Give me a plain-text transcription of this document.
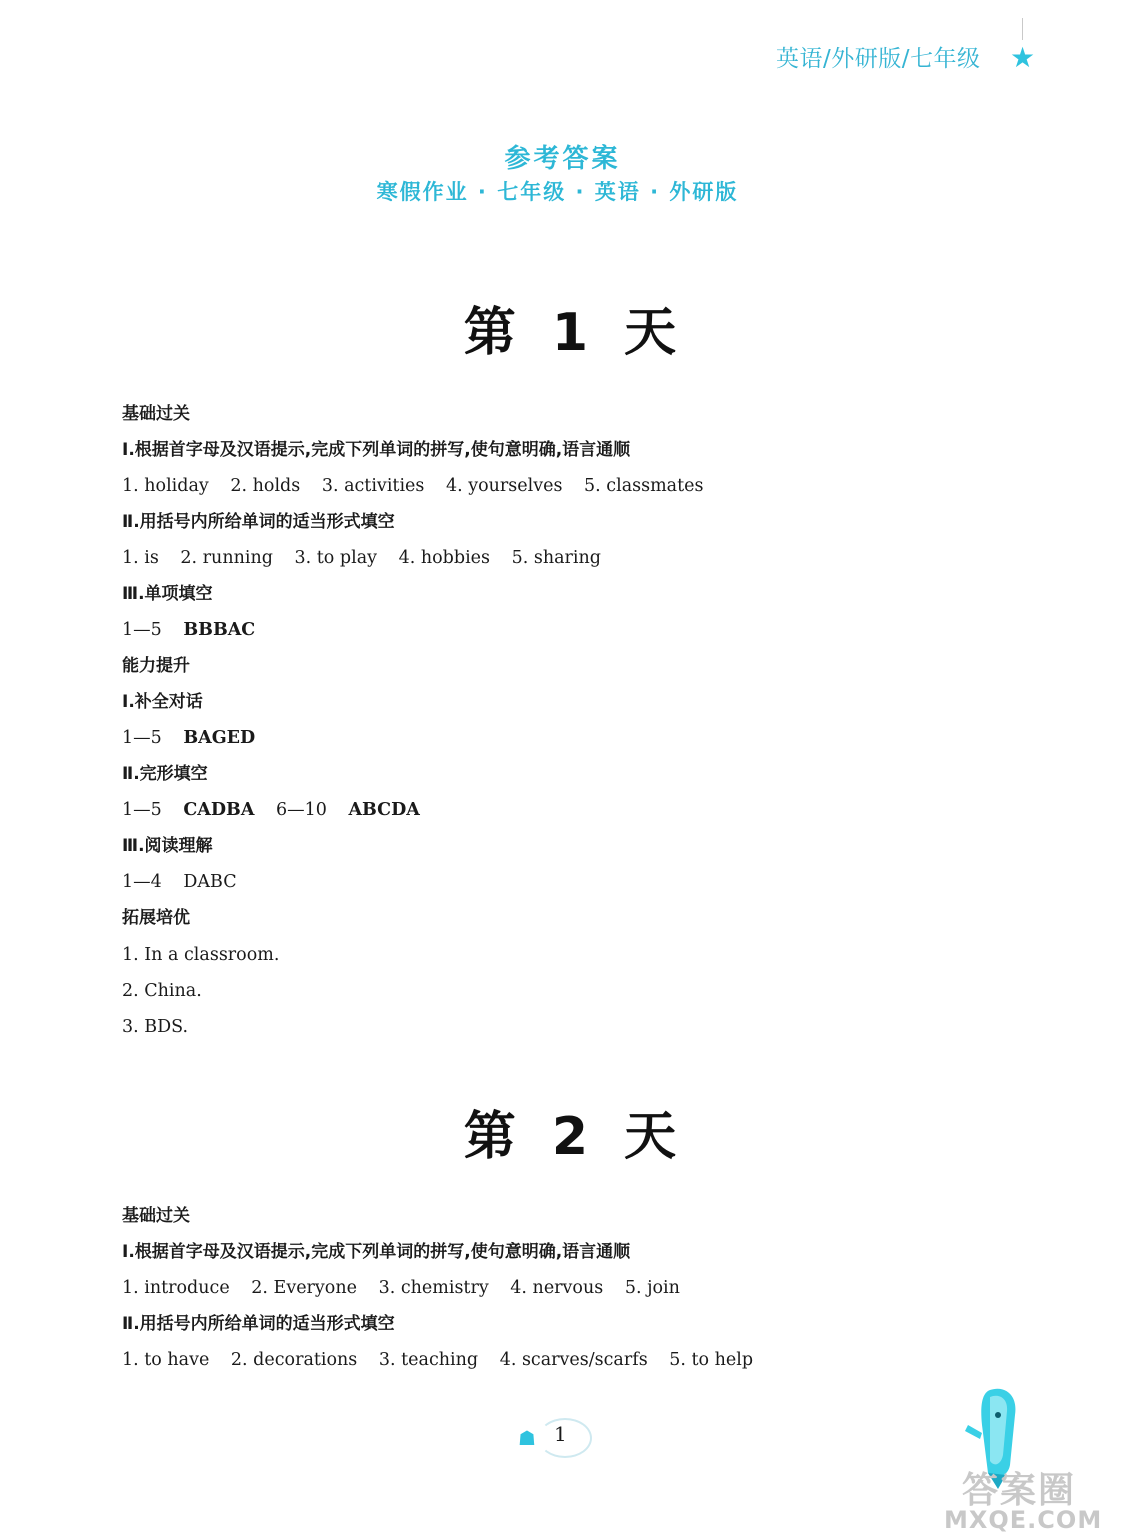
英语/外研版/七年级 ★
参考答案
寒假作业 · 七年级 · 英语 · 外研版
第 1 天
基础过关
Ⅰ.根据首字母及汉语提示,完成下列单词的拼写,使句意明确,语言通顺
1. holiday 2. holds 3. activities 4. yourselves 5. classmates
Ⅱ.用括号内所给单词的适当形式填空
1. is 2. running 3. to play 4. hobbies 5. sharing
Ⅲ.单项填空
1—5 BBBAC
能力提升
Ⅰ.补全对话
1—5 BAGED
Ⅱ.完形填空
1—5 CADBA 6—10 ABCDA
Ⅲ.阅读理解
1—4 DABC
拓展培优
1. In a classroom.
2. China.
3. BDS.
第 2 天
基础过关
Ⅰ.根据首字母及汉语提示,完成下列单词的拼写,使句意明确,语言通顺
1. introduce 2. Everyone 3. chemistry 4. nervous 5. join
Ⅱ.用括号内所给单词的适当形式填空
1. to have 2. decorations 3. teaching 4. scarves/scarfs 5. to help
☗ 1
答案圈
MXQE.COM
